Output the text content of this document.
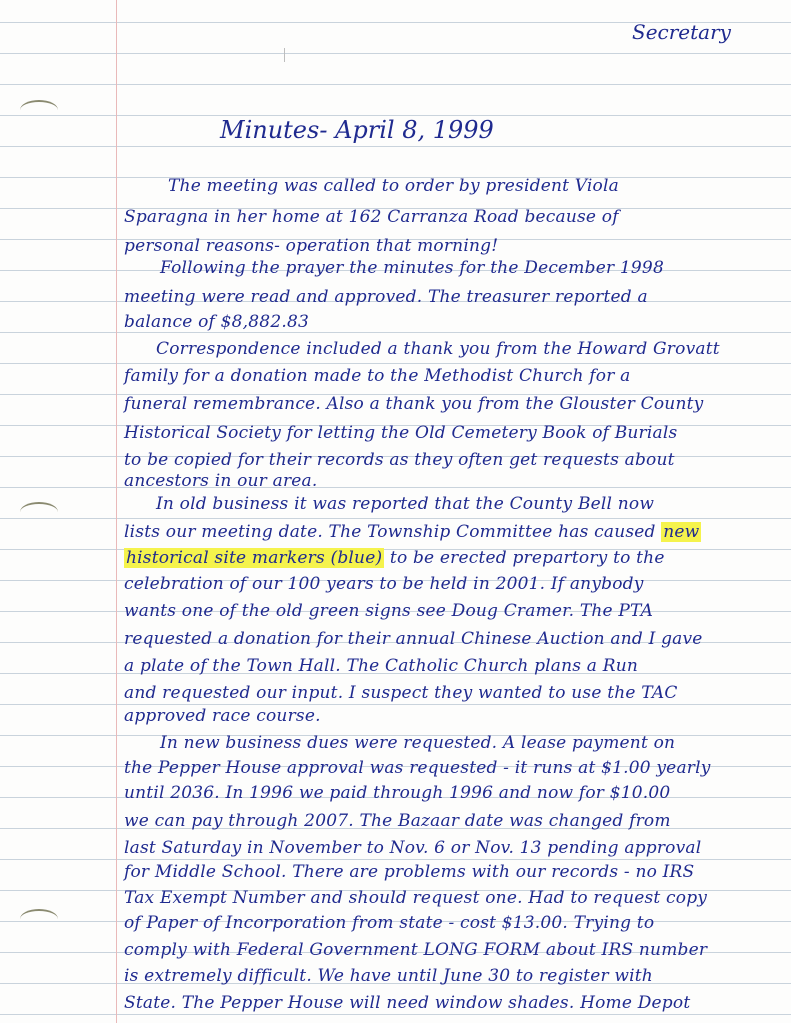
Secretary
Minutes- April 8, 1999
The meeting was called to order by president Viola
Sparagna in her home at 162 Carranza Road because of
personal reasons- operation that morning!
Following the prayer the minutes for the December 1998
meeting were read and approved. The treasurer reported a
balance of $8,882.83
Correspondence included a thank you from the Howard Grovatt
family for a donation made to the Methodist Church for a
funeral remembrance. Also a thank you from the Glouster County
Historical Society for letting the Old Cemetery Book of Burials
to be copied for their records as they often get requests about
ancestors in our area.
In old business it was reported that the County Bell now
lists our meeting date. The Township Committee has caused new
historical site markers (blue) to be erected prepartory to the
celebration of our 100 years to be held in 2001. If anybody
wants one of the old green signs see Doug Cramer. The PTA
requested a donation for their annual Chinese Auction and I gave
a plate of the Town Hall. The Catholic Church plans a Run
and requested our input. I suspect they wanted to use the TAC
approved race course.
In new business dues were requested. A lease payment on
the Pepper House approval was requested - it runs at $1.00 yearly
until 2036. In 1996 we paid through 1996 and now for $10.00
we can pay through 2007. The Bazaar date was changed from
last Saturday in November to Nov. 6 or Nov. 13 pending approval
for Middle School. There are problems with our records - no IRS
Tax Exempt Number and should request one. Had to request copy
of Paper of Incorporation from state - cost $13.00. Trying to
comply with Federal Government LONG FORM about IRS number
is extremely difficult. We have until June 30 to register with
State. The Pepper House will need window shades. Home Depot
